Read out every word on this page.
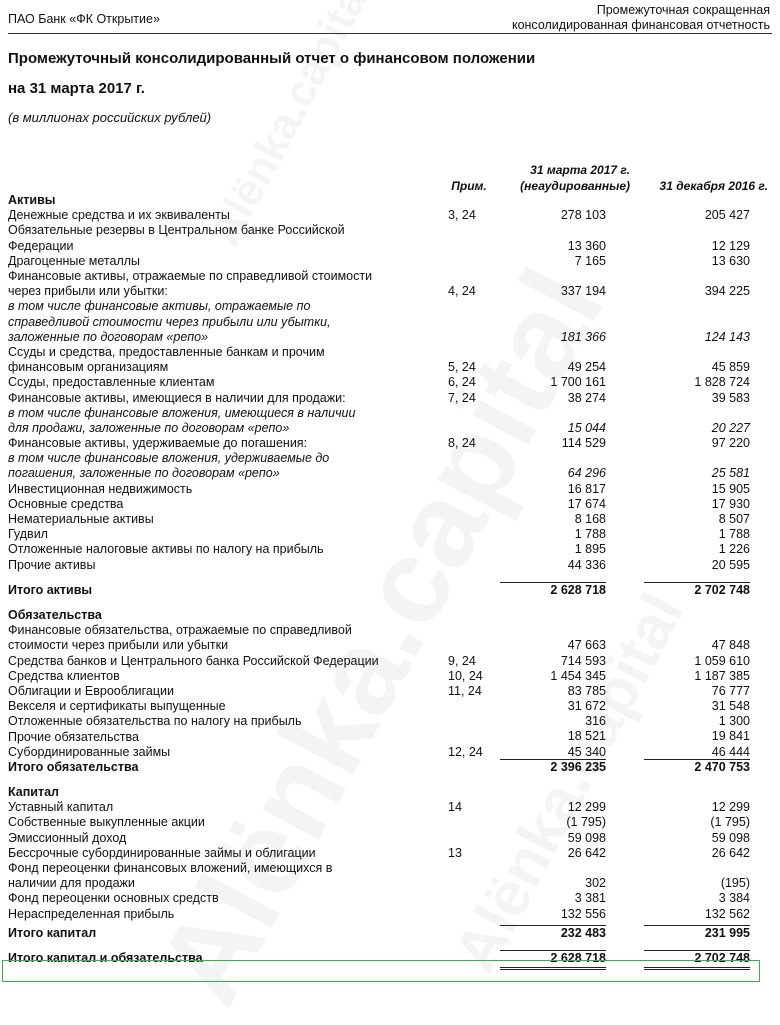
ПАО Банк «ФК Открытие»
Промежуточная сокращенная
консолидированная финансовая отчетность
Промежуточный консолидированный отчет о финансовом положении
на 31 марта 2017 г.
(в миллионах российских рублей)
Прим.
31 марта 2017 г.
(неаудированные)	31 декабря 2016 г.
Активы
Денежные средства и их эквиваленты	3, 24	278 103	205 427
Обязательные резервы в Центральном банке Российской
Федерации	13 360	12 129
Драгоценные металлы	7 165	13 630
Финансовые активы, отражаемые по справедливой стоимости
через прибыли или убытки:	4, 24	337 194	394 225
в том числе финансовые активы, отражаемые по
справедливой стоимости через прибыли или убытки,
заложенные по договорам «репо»	181 366	124 143
Ссуды и средства, предоставленные банкам и прочим
финансовым организациям	5, 24	49 254	45 859
Ссуды, предоставленные клиентам	6, 24	1 700 161	1 828 724
Финансовые активы, имеющиеся в наличии для продажи:	7, 24	38 274	39 583
в том числе финансовые вложения, имеющиеся в наличии
для продажи, заложенные по договорам «репо»	15 044	20 227
Финансовые активы, удерживаемые до погашения:	8, 24	114 529	97 220
в том числе финансовые вложения, удерживаемые до
погашения, заложенные по договорам «репо»	64 296	25 581
Инвестиционная недвижимость	16 817	15 905
Основные средства	17 674	17 930
Нематериальные активы	8 168	8 507
Гудвил	1 788	1 788
Отложенные налоговые активы по налогу на прибыль	1 895	1 226
Прочие активы	44 336	20 595
Итого активы	2 628 718	2 702 748
Обязательства
Финансовые обязательства, отражаемые по справедливой
стоимости через прибыли или убытки	47 663	47 848
Средства банков и Центрального банка Российской Федерации	9, 24	714 593	1 059 610
Средства клиентов	10, 24	1 454 345	1 187 385
Облигации и Еврооблигации	11, 24	83 785	76 777
Векселя и сертификаты выпущенные	31 672	31 548
Отложенные обязательства по налогу на прибыль	316	1 300
Прочие обязательства	18 521	19 841
Субординированные займы	12, 24	45 340	46 444
Итого обязательства	2 396 235	2 470 753
Капитал
Уставный капитал	14	12 299	12 299
Собственные выкупленные акции	(1 795)	(1 795)
Эмиссионный доход	59 098	59 098
Бессрочные субординированные займы и облигации	13	26 642	26 642
Фонд переоценки финансовых вложений, имеющихся в
наличии для продажи	302	(195)
Фонд переоценки основных средств	3 381	3 384
Нераспределенная прибыль	132 556	132 562
Итого капитал	232 483	231 995
Итого капитал и обязательства	2 628 718	2 702 748
